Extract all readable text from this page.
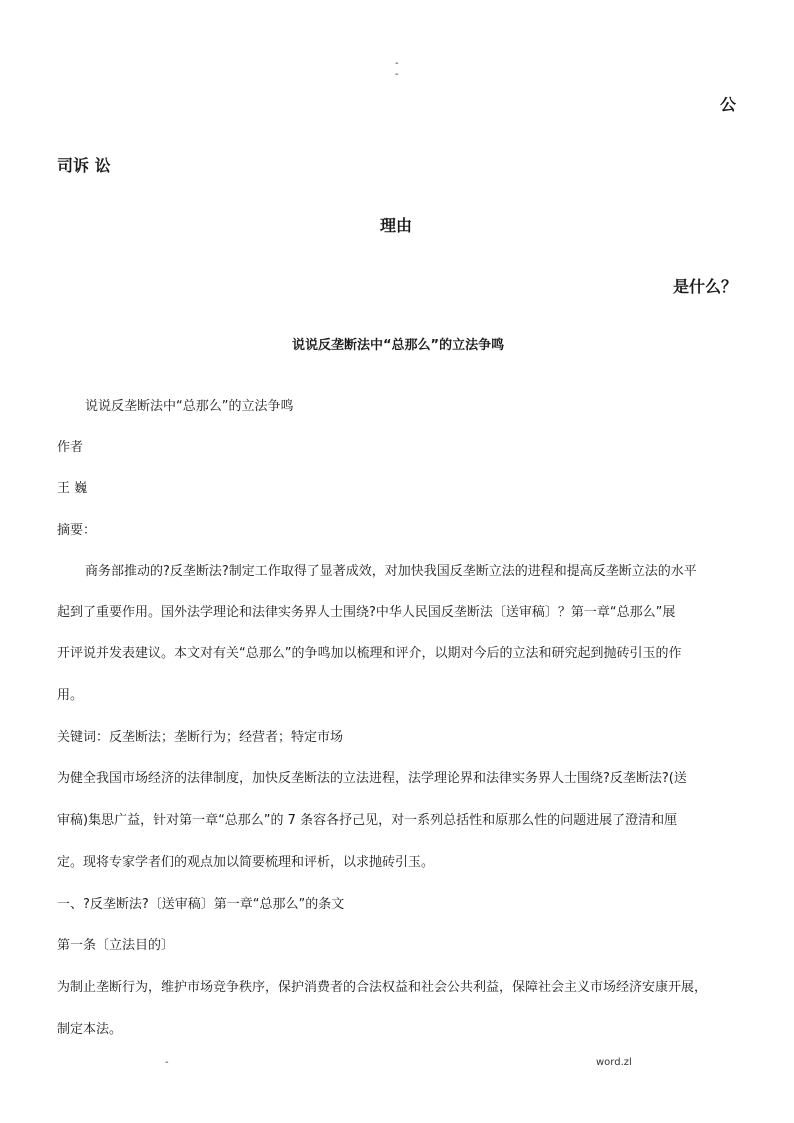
-
-
公
司诉 讼
理由
是什么？
说说反垄断法中“总那么”的立法争鸣
说说反垄断法中“总那么”的立法争鸣
作者
王 巍
摘要：
商务部推动的?反垄断法?制定工作取得了显著成效，对加快我国反垄断立法的进程和提高反垄断立法的水平
起到了重要作用。国外法学理论和法律实务界人士围绕?中华人民国反垄断法〔送审稿〕？第一章“总那么”展
开评说并发表建议。本文对有关“总那么”的争鸣加以梳理和评介，以期对今后的立法和研究起到抛砖引玉的作
用。
关键词：反垄断法；垄断行为；经营者；特定市场
为健全我国市场经济的法律制度，加快反垄断法的立法进程，法学理论界和法律实务界人士围绕?反垄断法?(送
审稿)集思广益，针对第一章“总那么”的 7 条容各抒己见，对一系列总括性和原那么性的问题进展了澄清和厘
定。现将专家学者们的观点加以简要梳理和评析，以求抛砖引玉。
一、?反垄断法?〔送审稿〕第一章“总那么”的条文
第一条〔立法目的〕
为制止垄断行为，维护市场竞争秩序，保护消费者的合法权益和社会公共利益，保障社会主义市场经济安康开展，
制定本法。
-	word.zl
